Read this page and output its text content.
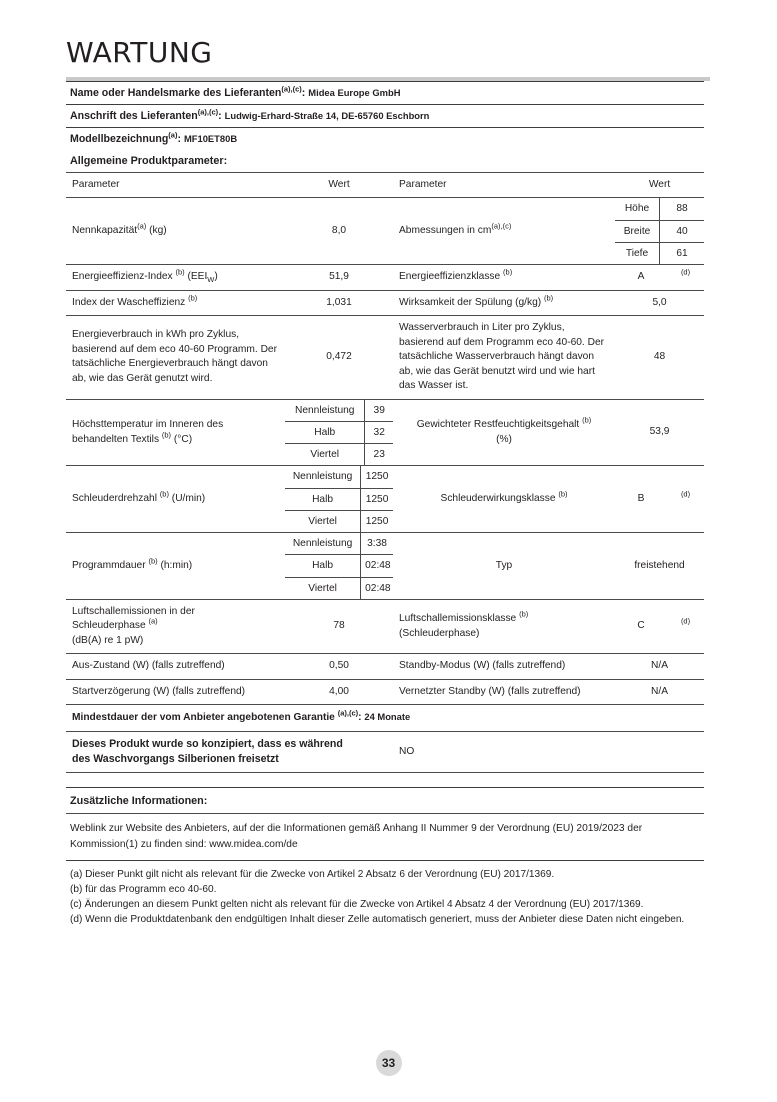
WARTUNG
Name oder Handelsmarke des Lieferanten$^{(a),(c)}$: Midea Europe GmbH
Anschrift des Lieferanten$^{(a),(c)}$: Ludwig-Erhard-Straße 14, DE-65760 Eschborn
Modellbezeichnung$^{(a)}$: MF10ET80B
Allgemeine Produktparameter:
Parameter	Wert	Parameter	Wert
Nennkapazität$^{(a)}$ (kg)	8,0	Abmessungen in cm$^{(a),(c)}$	
Höhe	88
Breite	40
Tiefe	61

Energieeffizienz-Index $^{(b)}$ $(EEI_W)$	51,9	Energieeffizienzklasse $^{(b)}$	A	$^{(d)}$
Index der Wascheffizienz $^{(b)}$	1,031	Wirksamkeit der Spülung (g/kg) $^{(b)}$	5,0
Energieverbrauch in kWh pro Zyklus, basierend auf dem eco 40-60 Programm. Der tatsächliche Energieverbrauch hängt davon ab, wie das Gerät genutzt wird.	0,472	Wasserverbrauch in Liter pro Zyklus, basierend auf dem Programm eco 40-60. Der tatsächliche Wasserverbrauch hängt davon ab, wie das Gerät benutzt wird und wie hart das Wasser ist.	48
Höchsttemperatur im Inneren des behandelten Textils $^{(b)}$ (°C)	
Nennleistung	39
Halb	32
Viertel	23
	Gewichteter Restfeuchtigkeitsgehalt $^{(b)}$
(%)	53,9
Schleuderdrehzahl $^{(b)}$ (U/min)	
Nennleistung	1250
Halb	1250
Viertel	1250
	Schleuderwirkungsklasse $^{(b)}$	B	$^{(d)}$
Programmdauer $^{(b)}$ (h:min)	
Nennleistung	3:38
Halb	02:48
Viertel	02:48
	Typ	freistehend
Luftschallemissionen in der
Schleuderphase $^{(a)}$
(dB(A) re 1 pW)	78	Luftschallemissionsklasse $^{(b)}$
(Schleuderphase)	C	$^{(d)}$
Aus-Zustand (W) (falls zutreffend)	0,50	Standby-Modus (W) (falls zutreffend)	N/A
Startverzögerung (W) (falls zutreffend)	4,00	Vernetzter Standby (W) (falls zutreffend)	N/A
Mindestdauer der vom Anbieter angebotenen Garantie $^{(a),(c)}$: 24 Monate
Dieses Produkt wurde so konzipiert, dass es während
des Waschvorgangs Silberionen freisetzt	NO
Zusätzliche Informationen:
Weblink zur Website des Anbieters, auf der die Informationen gemäß Anhang II Nummer 9 der Verordnung (EU) 2019/2023 der Kommission(1) zu finden sind: www.midea.com/de
(a) Dieser Punkt gilt nicht als relevant für die Zwecke von Artikel 2 Absatz 6 der Verordnung (EU) 2017/1369.
(b) für das Programm eco 40-60.
(c) Änderungen an diesem Punkt gelten nicht als relevant für die Zwecke von Artikel 4 Absatz 4 der Verordnung (EU) 2017/1369.
(d) Wenn die Produktdatenbank den endgültigen Inhalt dieser Zelle automatisch generiert, muss der Anbieter diese Daten nicht eingeben.
33
